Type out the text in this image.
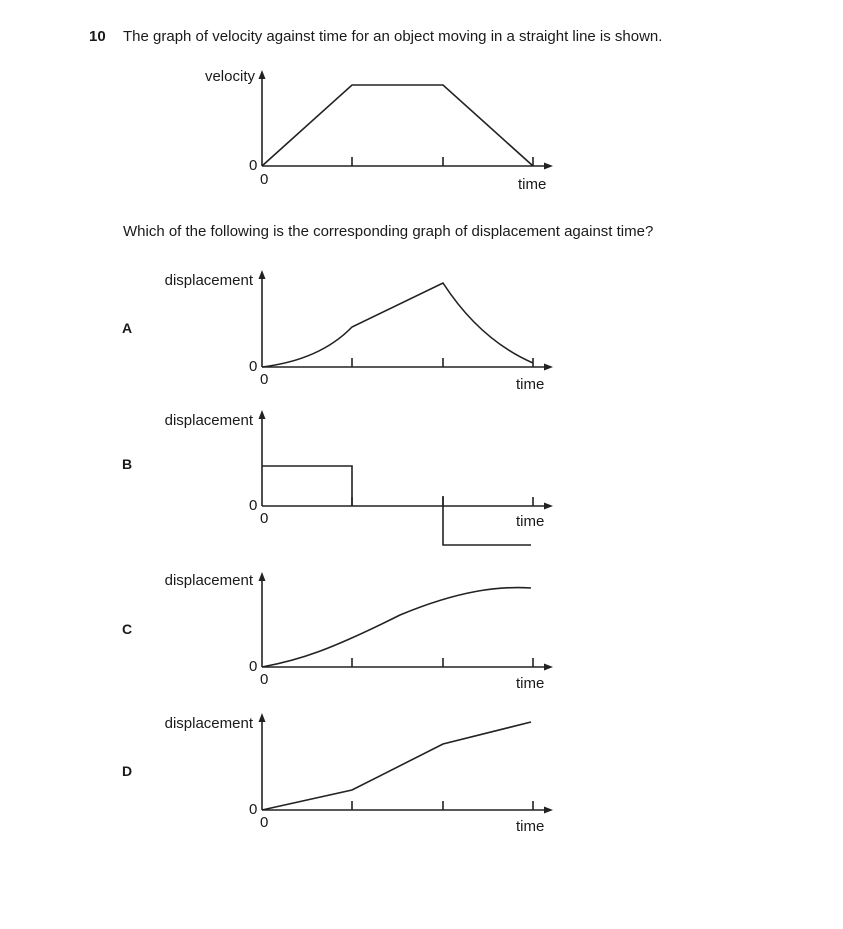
10 The graph of velocity against time for an object moving in a straight line is shown.
Which of the following is the corresponding graph of displacement against time?
velocity
0
0	time
A
displacement
0
0	time
B
displacement
0
0	time
C
displacement
0
0	time
D
displacement
0
0	time
